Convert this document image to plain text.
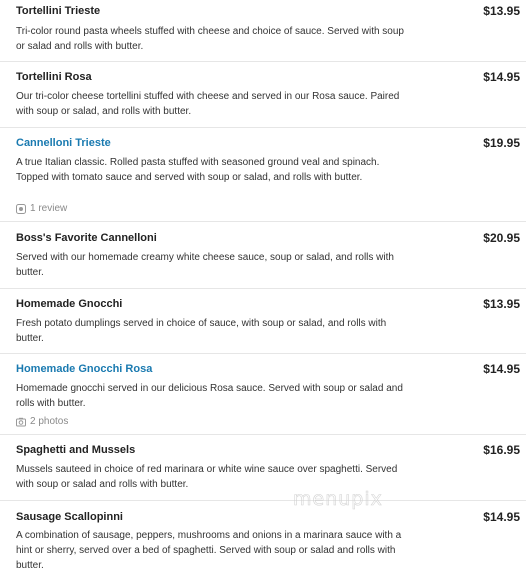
Tortellini Trieste	$13.95
Tri-color round pasta wheels stuffed with cheese and choice of sauce. Served with soup or salad and rolls with butter.
Tortellini Rosa	$14.95
Our tri-color cheese tortellini stuffed with cheese and served in our Rosa sauce. Paired with soup or salad, and rolls with butter.
Cannelloni Trieste	$19.95
A true Italian classic. Rolled pasta stuffed with seasoned ground veal and spinach. Topped with tomato sauce and served with soup or salad, and rolls with butter.
1 review
Boss's Favorite Cannelloni	$20.95
Served with our homemade creamy white cheese sauce, soup or salad, and rolls with butter.
Homemade Gnocchi	$13.95
Fresh potato dumplings served in choice of sauce, with soup or salad, and rolls with butter.
Homemade Gnocchi Rosa	$14.95
Homemade gnocchi served in our delicious Rosa sauce. Served with soup or salad and rolls with butter.
2 photos
Spaghetti and Mussels	$16.95
Mussels sauteed in choice of red marinara or white wine sauce over spaghetti. Served with soup or salad and rolls with butter.
Sausage Scallopinni	$14.95
A combination of sausage, peppers, mushrooms and onions in a marinara sauce with a hint or sherry, served over a bed of spaghetti. Served with soup or salad and rolls with butter.
menupix
